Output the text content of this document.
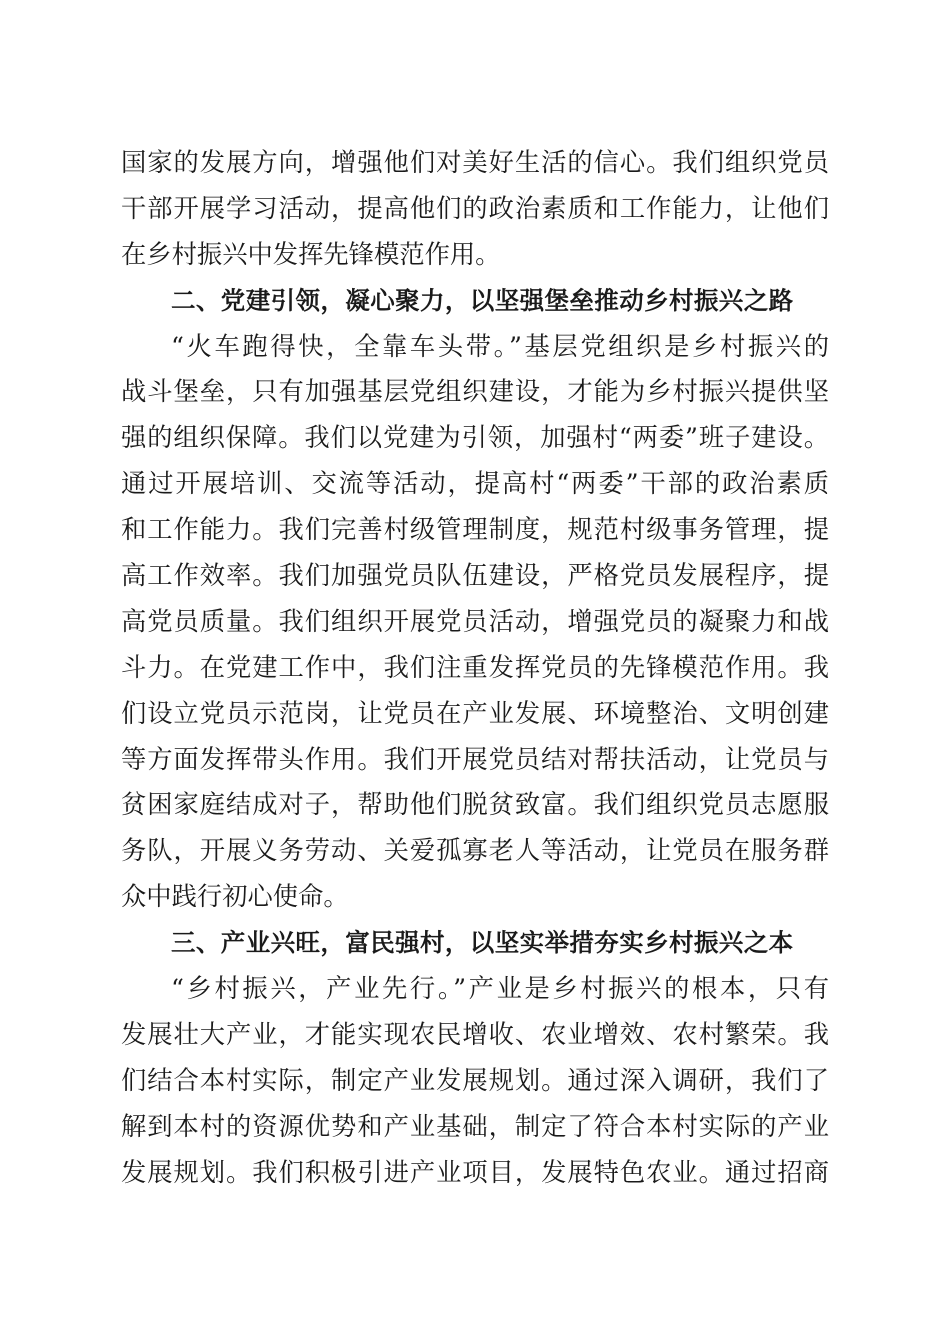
国家的发展方向，增强他们对美好生活的信心。我们组织党员
干部开展学习活动，提高他们的政治素质和工作能力，让他们
在乡村振兴中发挥先锋模范作用。
二、党建引领，凝心聚力，以坚强堡垒推动乡村振兴之路
“火车跑得快，全靠车头带。”基层党组织是乡村振兴的
战斗堡垒，只有加强基层党组织建设，才能为乡村振兴提供坚
强的组织保障。我们以党建为引领，加强村“两委”班子建设。
通过开展培训、交流等活动，提高村“两委”干部的政治素质
和工作能力。我们完善村级管理制度，规范村级事务管理，提
高工作效率。我们加强党员队伍建设，严格党员发展程序，提
高党员质量。我们组织开展党员活动，增强党员的凝聚力和战
斗力。在党建工作中，我们注重发挥党员的先锋模范作用。我
们设立党员示范岗，让党员在产业发展、环境整治、文明创建
等方面发挥带头作用。我们开展党员结对帮扶活动，让党员与
贫困家庭结成对子，帮助他们脱贫致富。我们组织党员志愿服
务队，开展义务劳动、关爱孤寡老人等活动，让党员在服务群
众中践行初心使命。
三、产业兴旺，富民强村，以坚实举措夯实乡村振兴之本
“乡村振兴，产业先行。”产业是乡村振兴的根本，只有
发展壮大产业，才能实现农民增收、农业增效、农村繁荣。我
们结合本村实际，制定产业发展规划。通过深入调研，我们了
解到本村的资源优势和产业基础，制定了符合本村实际的产业
发展规划。我们积极引进产业项目，发展特色农业。通过招商
